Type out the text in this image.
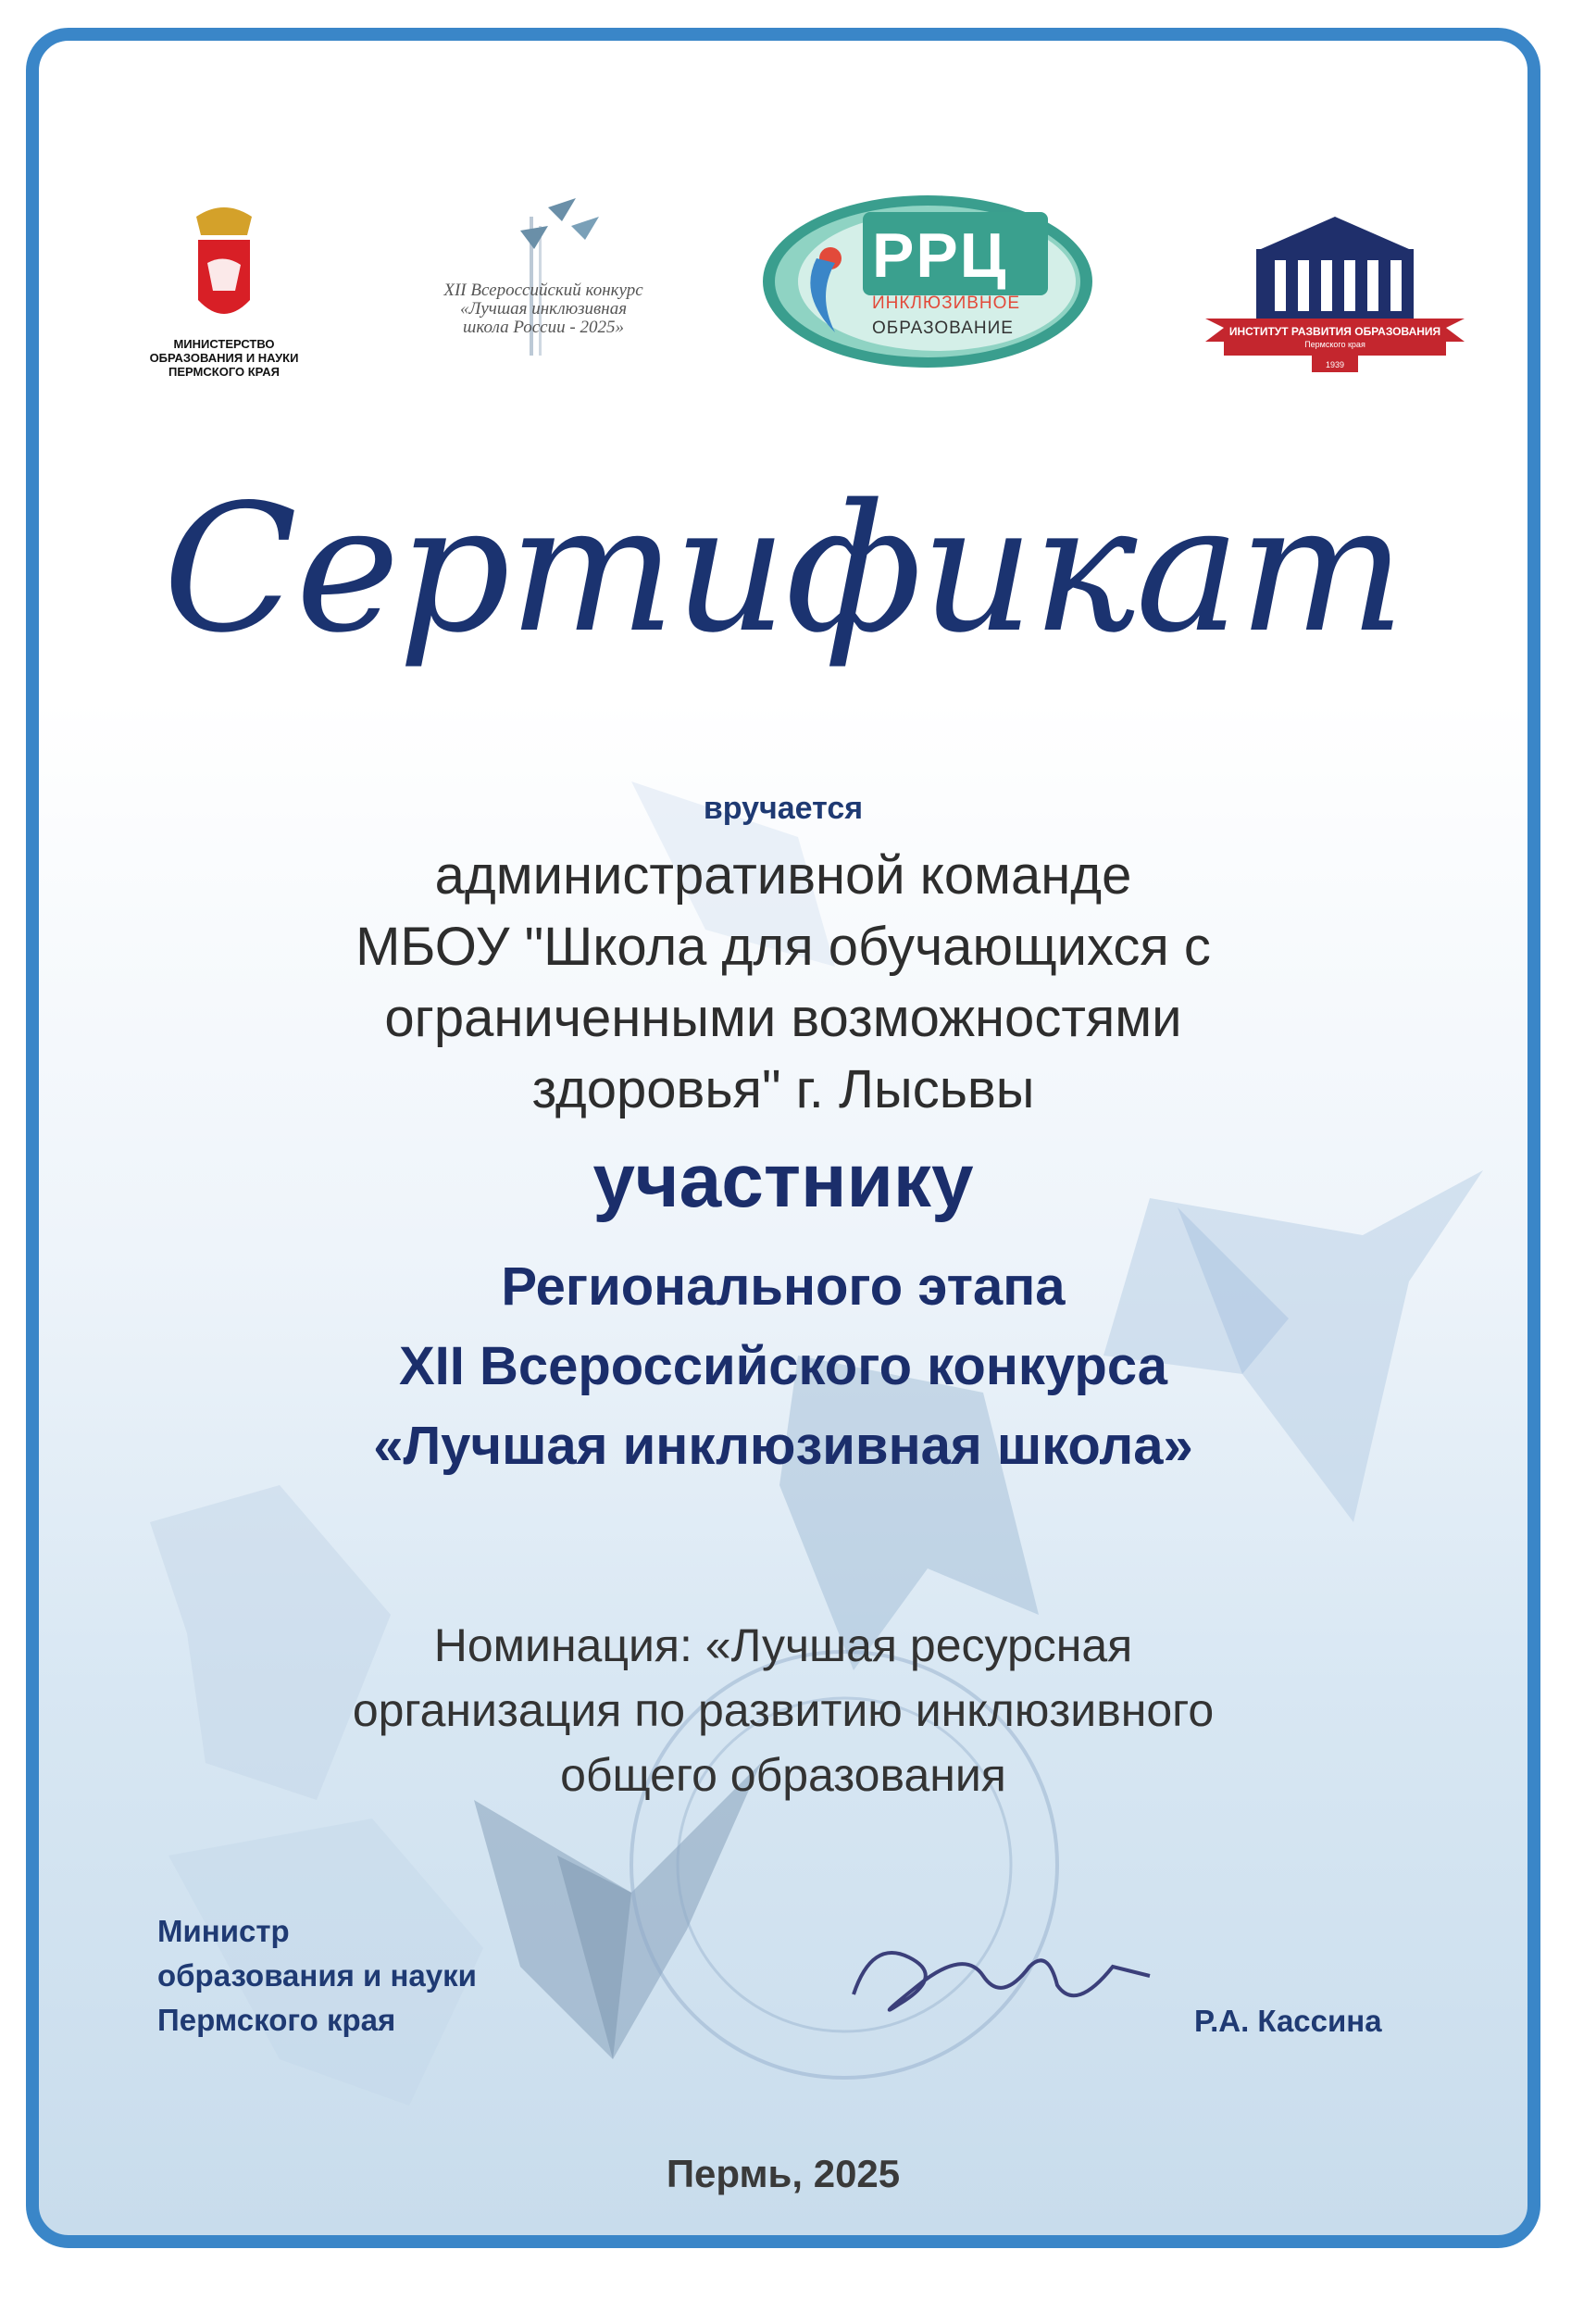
МИНИСТЕРСТВО
ОБРАЗОВАНИЯ И НАУКИ
ПЕРМСКОГО КРАЯ
XII Всероссийский конкурс
«Лучшая инклюзивная
школа России - 2025»
РРЦ
ИНКЛЮЗИВНОЕ
ОБРАЗОВАНИЕ	ИНСТИТУТ РАЗВИТИЯ ОБРАЗОВАНИЯ
Пермского края
1939
Сертификат
вручается
административной команде
МБОУ "Школа для обучающихся с
ограниченными возможностями
здоровья" г. Лысьвы
участнику
Регионального этапа
XII Всероссийского конкурса
«Лучшая инклюзивная школа»
Номинация: «Лучшая ресурсная
организация по развитию инклюзивного
общего образования
Министр
образования и науки
Пермского края	Р.А. Кассина
Пермь, 2025
